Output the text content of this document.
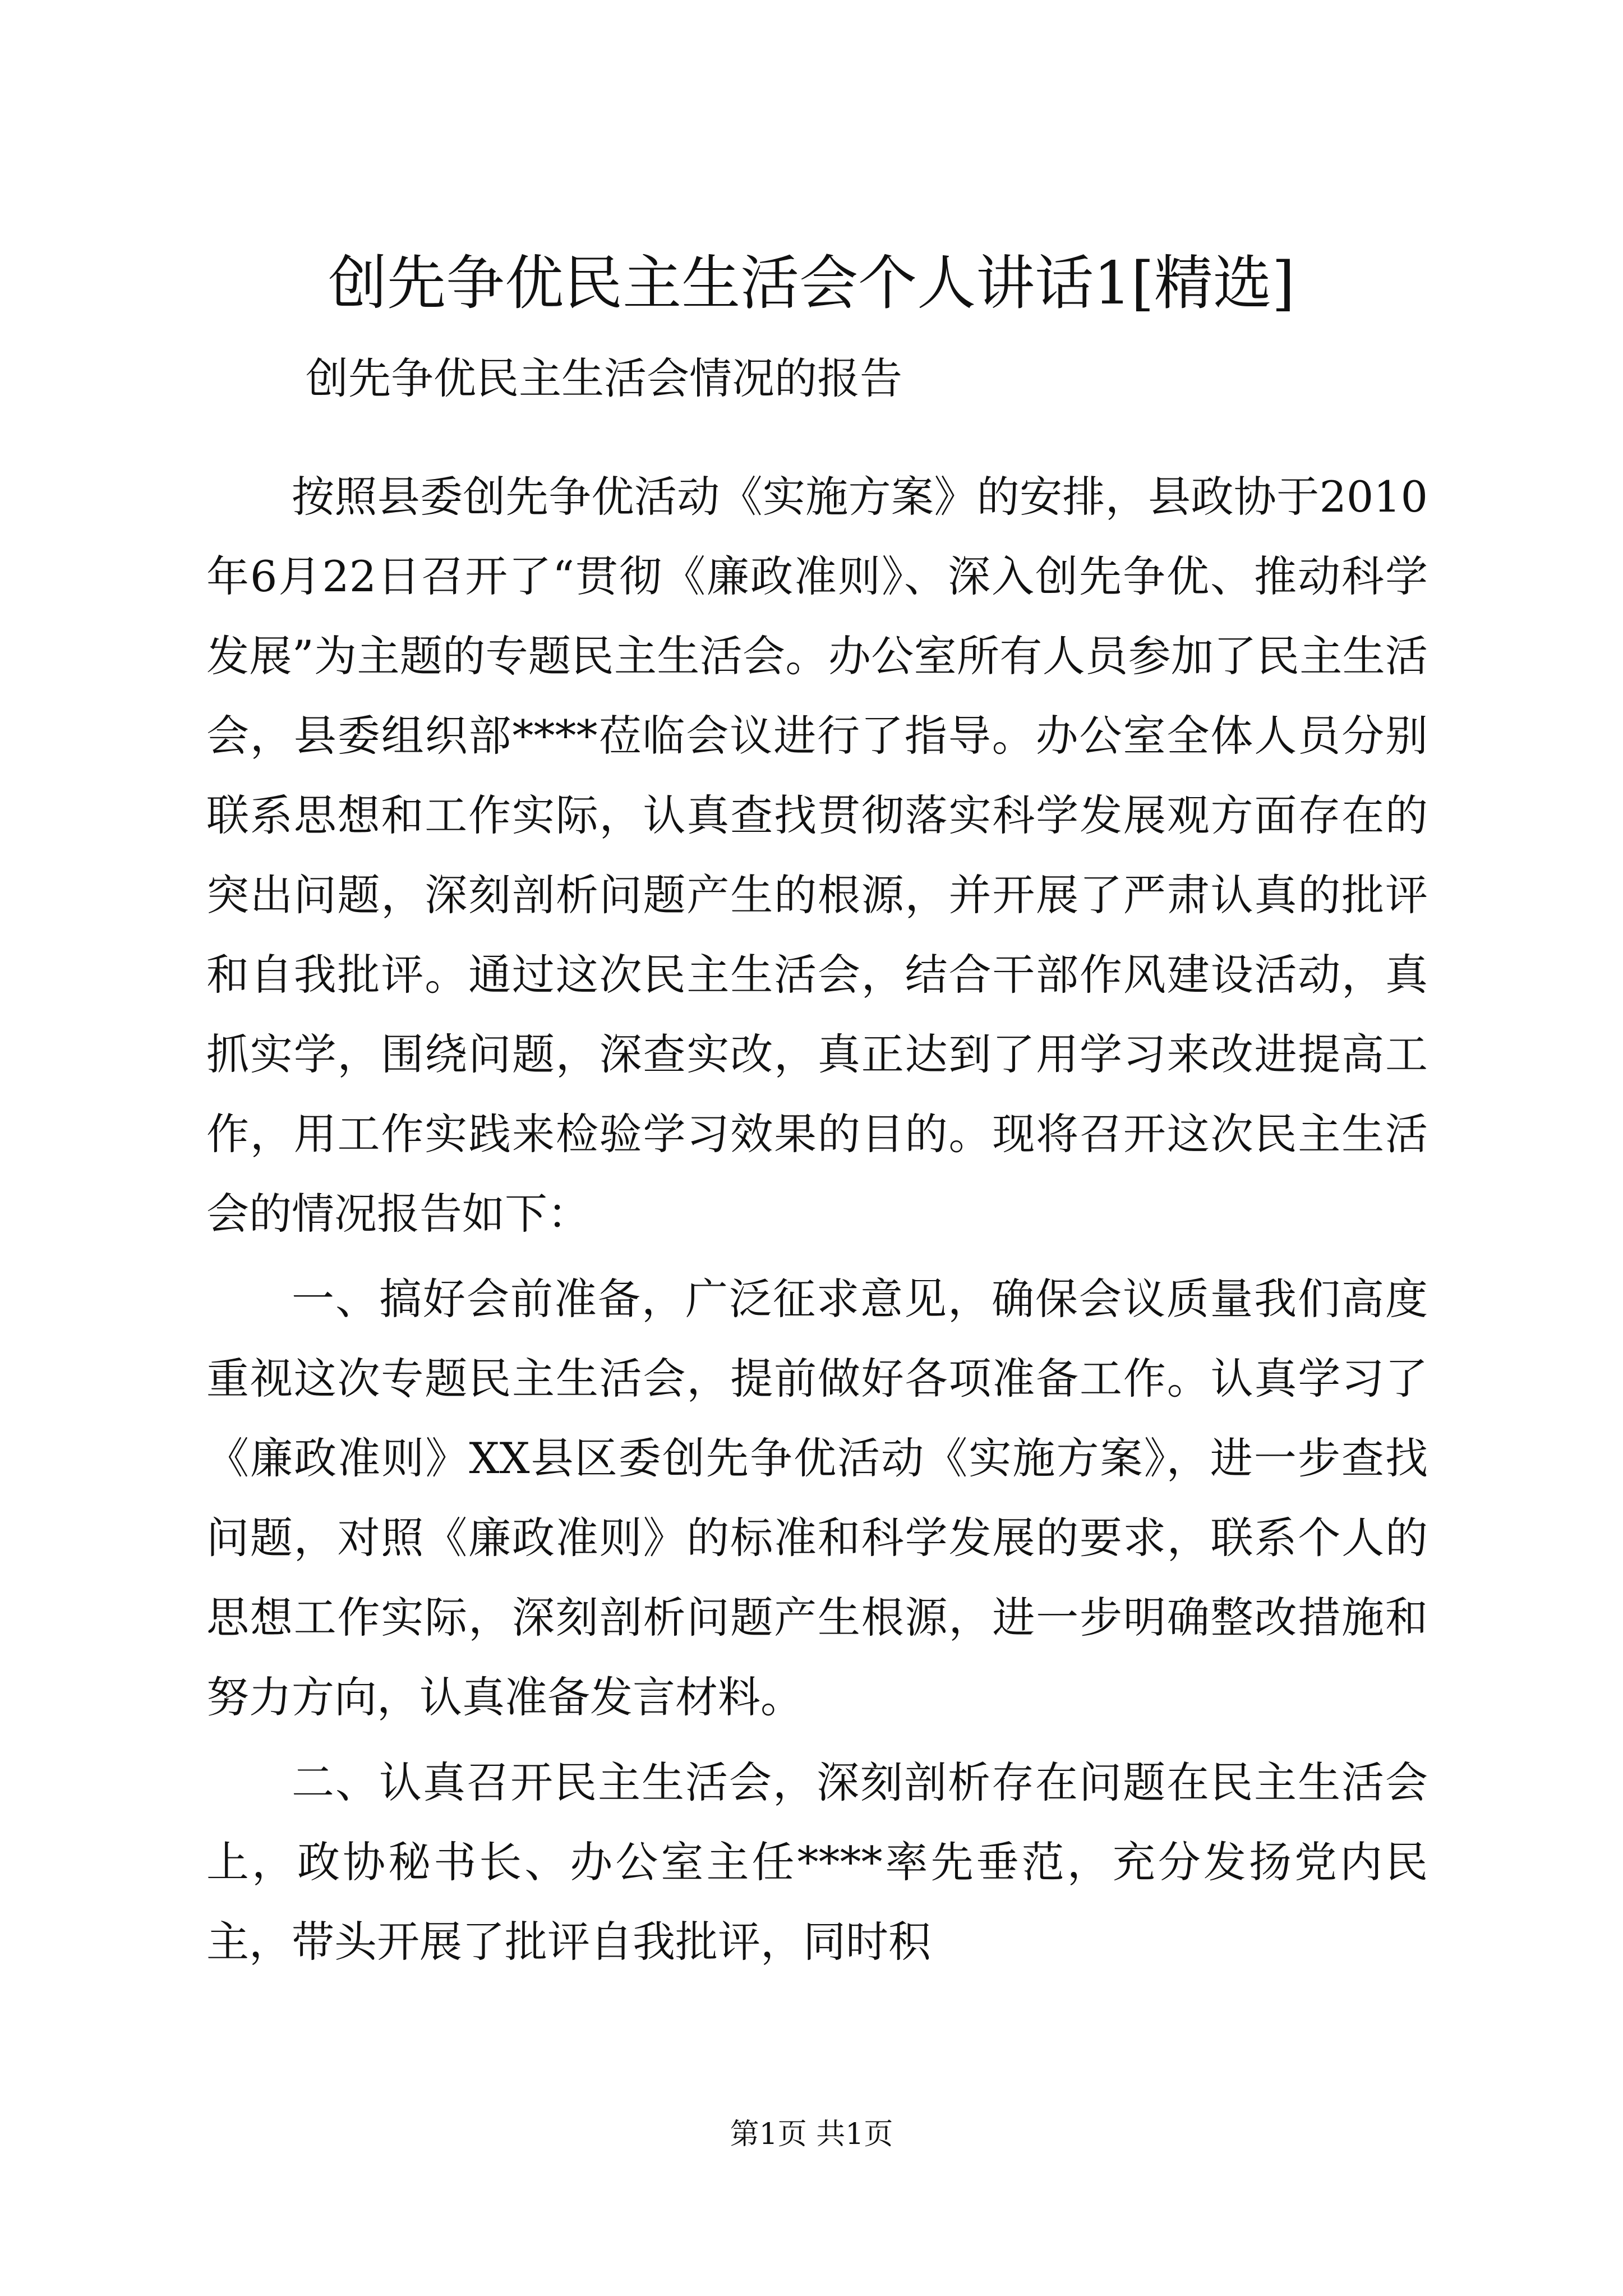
创先争优民主生活会个人讲话1[精选]

创先争优民主生活会情况的报告

按照县委创先争优活动《实施方案》的安排，县政协于2010年6月22日召开了“贯彻《廉政准则》、深入创先争优、推动科学发展”为主题的专题民主生活会。办公室所有人员参加了民主生活会，县委组织部****莅临会议进行了指导。办公室全体人员分别联系思想和工作实际，认真查找贯彻落实科学发展观方面存在的突出问题，深刻剖析问题产生的根源，并开展了严肃认真的批评和自我批评。通过这次民主生活会，结合干部作风建设活动，真抓实学，围绕问题，深查实改，真正达到了用学习来改进提高工作，用工作实践来检验学习效果的目的。现将召开这次民主生活会的情况报告如下：

一、搞好会前准备，广泛征求意见，确保会议质量我们高度重视这次专题民主生活会，提前做好各项准备工作。认真学习了《廉政准则》XX县区委创先争优活动《实施方案》，进一步查找问题，对照《廉政准则》的标准和科学发展的要求，联系个人的思想工作实际，深刻剖析问题产生根源，进一步明确整改措施和努力方向，认真准备发言材料。

二、认真召开民主生活会，深刻剖析存在问题在民主生活会上，政协秘书长、办公室主任****率先垂范，充分发扬党内民主，带头开展了批评自我批评，同时积

第1页 共1页
